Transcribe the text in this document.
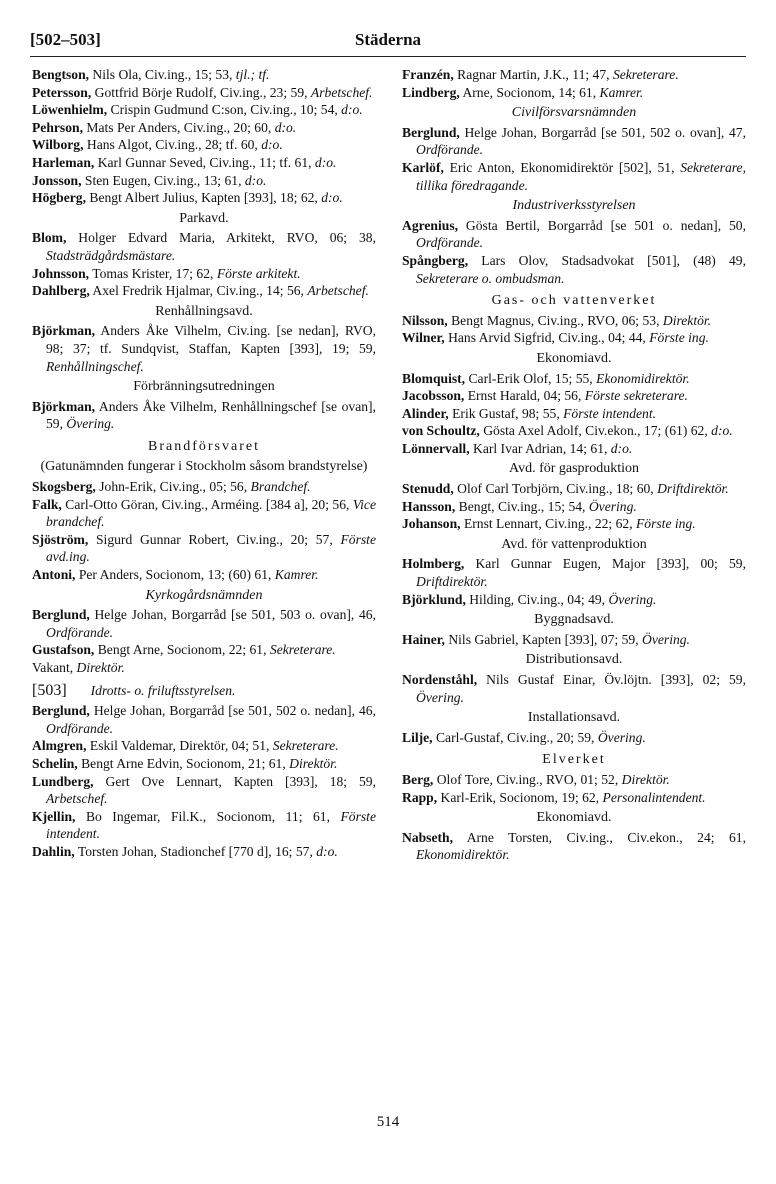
[502–503]	Städerna

Bengtson, Nils Ola, Civ.ing., 15; 53, tjl.; tf.

Petersson, Gottfrid Börje Rudolf, Civ.ing., 23; 59, Arbetschef.

Löwenhielm, Crispin Gudmund C:son, Civ.ing., 10; 54, d:o.

Pehrson, Mats Per Anders, Civ.ing., 20; 60, d:o.

Wilborg, Hans Algot, Civ.ing., 28; tf. 60, d:o.

Harleman, Karl Gunnar Seved, Civ.ing., 11; tf. 61, d:o.

Jonsson, Sten Eugen, Civ.ing., 13; 61, d:o.

Högberg, Bengt Albert Julius, Kapten [393], 18; 62, d:o.

Parkavd.

Blom, Holger Edvard Maria, Arkitekt, RVO, 06; 38, Stadsträdgårdsmästare.

Johnsson, Tomas Krister, 17; 62, Förste arkitekt.

Dahlberg, Axel Fredrik Hjalmar, Civ.ing., 14; 56, Arbetschef.

Renhållningsavd.

Björkman, Anders Åke Vilhelm, Civ.ing. [se nedan], RVO, 98; 37; tf. Sundqvist, Staffan, Kapten [393], 19; 59, Renhållningschef.

Förbränningsutredningen

Björkman, Anders Åke Vilhelm, Renhållningschef [se ovan], 59, Övering.

Brandförsvaret
(Gatunämnden fungerar i Stockholm såsom brandstyrelse)

Skogsberg, John-Erik, Civ.ing., 05; 56, Brandchef.

Falk, Carl-Otto Göran, Civ.ing., Arméing. [384 a], 20; 56, Vice brandchef.

Sjöström, Sigurd Gunnar Robert, Civ.ing., 20; 57, Förste avd.ing.

Antoni, Per Anders, Socionom, 13; (60) 61, Kamrer.

Kyrkogårdsnämnden

Berglund, Helge Johan, Borgarråd [se 501, 503 o. ovan], 46, Ordförande.

Gustafson, Bengt Arne, Socionom, 22; 61, Sekreterare.

Vakant, Direktör.

[503] Idrotts- o. friluftsstyrelsen.

Berglund, Helge Johan, Borgarråd [se 501, 502 o. nedan], 46, Ordförande.

Almgren, Eskil Valdemar, Direktör, 04; 51, Sekreterare.

Schelin, Bengt Arne Edvin, Socionom, 21; 61, Direktör.

Lundberg, Gert Ove Lennart, Kapten [393], 18; 59, Arbetschef.

Kjellin, Bo Ingemar, Fil.K., Socionom, 11; 61, Förste intendent.

Dahlin, Torsten Johan, Stadionchef [770 d], 16; 57, d:o.

Franzén, Ragnar Martin, J.K., 11; 47, Sekreterare.

Lindberg, Arne, Socionom, 14; 61, Kamrer.

Civilförsvarsnämnden

Berglund, Helge Johan, Borgarråd [se 501, 502 o. ovan], 47, Ordförande.

Karlöf, Eric Anton, Ekonomidirektör [502], 51, Sekreterare, tillika föredragande.

Industriverksstyrelsen

Agrenius, Gösta Bertil, Borgarråd [se 501 o. nedan], 50, Ordförande.

Spångberg, Lars Olov, Stadsadvokat [501], (48) 49, Sekreterare o. ombudsman.

Gas- och vattenverket

Nilsson, Bengt Magnus, Civ.ing., RVO, 06; 53, Direktör.

Wilner, Hans Arvid Sigfrid, Civ.ing., 04; 44, Förste ing.

Ekonomiavd.

Blomquist, Carl-Erik Olof, 15; 55, Ekonomidirektör.

Jacobsson, Ernst Harald, 04; 56, Förste sekreterare.

Alinder, Erik Gustaf, 98; 55, Förste intendent.

von Schoultz, Gösta Axel Adolf, Civ.ekon., 17; (61) 62, d:o.

Lönnervall, Karl Ivar Adrian, 14; 61, d:o.

Avd. för gasproduktion

Stenudd, Olof Carl Torbjörn, Civ.ing., 18; 60, Driftdirektör.

Hansson, Bengt, Civ.ing., 15; 54, Övering.

Johanson, Ernst Lennart, Civ.ing., 22; 62, Förste ing.

Avd. för vattenproduktion

Holmberg, Karl Gunnar Eugen, Major [393], 00; 59, Driftdirektör.

Björklund, Hilding, Civ.ing., 04; 49, Övering.

Byggnadsavd.

Hainer, Nils Gabriel, Kapten [393], 07; 59, Övering.

Distributionsavd.

Nordenståhl, Nils Gustaf Einar, Öv.löjtn. [393], 02; 59, Övering.

Installationsavd.

Lilje, Carl-Gustaf, Civ.ing., 20; 59, Övering.

Elverket

Berg, Olof Tore, Civ.ing., RVO, 01; 52, Direktör.

Rapp, Karl-Erik, Socionom, 19; 62, Personalintendent.

Ekonomiavd.

Nabseth, Arne Torsten, Civ.ing., Civ.ekon., 24; 61, Ekonomidirektör.

514
